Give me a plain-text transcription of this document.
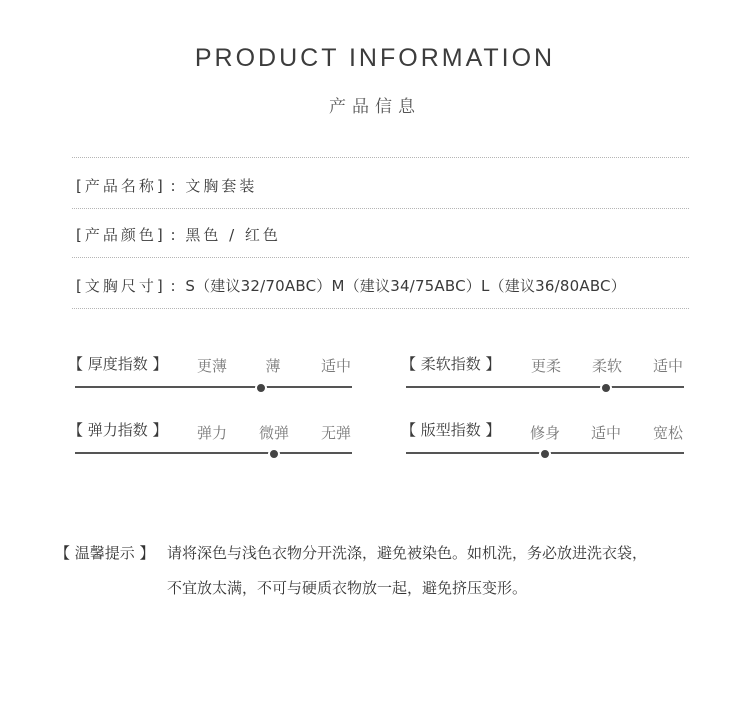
PRODUCT INFORMATION
产品信息
[产品名称] : 文胸套装
[产品颜色] : 黑色 / 红色
[文胸尺寸] : S（建议32/70ABC）M（建议34/75ABC）L（建议36/80ABC）
【 厚度指数 】	更薄	薄	适中	【 柔软指数 】	更柔	柔软	适中
【 弹力指数 】	弹力	微弹	无弹	【 版型指数 】	修身	适中	宽松
【 温馨提示 】 请将深色与浅色衣物分开洗涤，避免被染色。如机洗，务必放进洗衣袋，
不宜放太满，不可与硬质衣物放一起，避免挤压变形。
